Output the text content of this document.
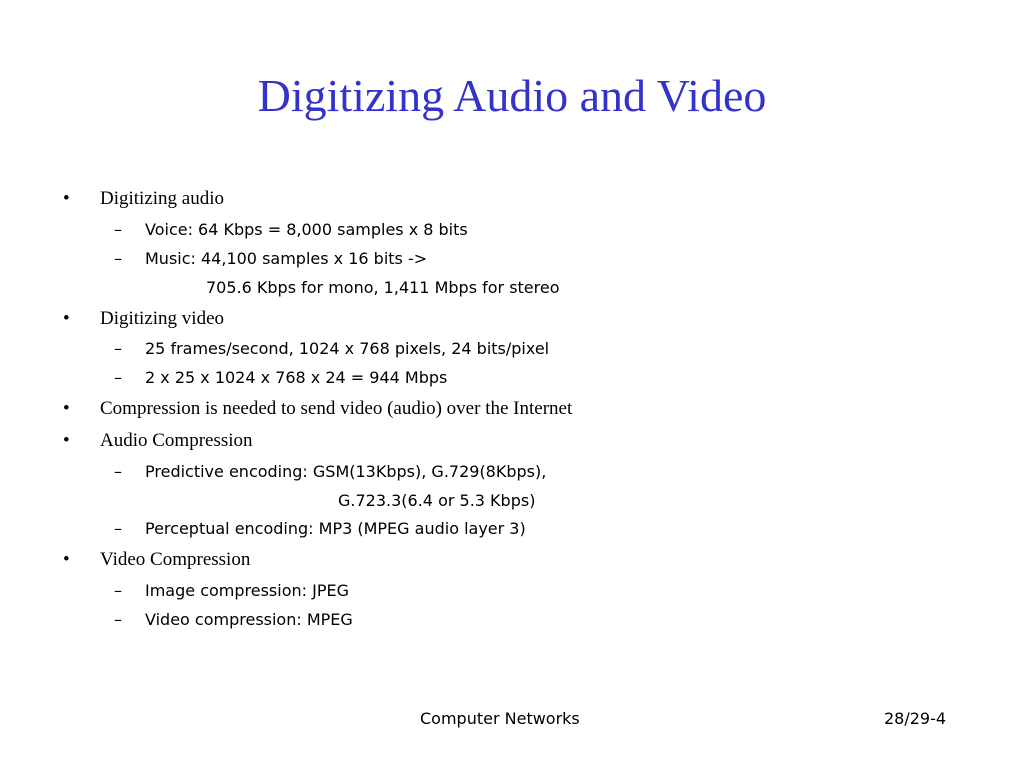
Digitizing Audio and Video
• Digitizing audio
– Voice: 64 Kbps = 8,000 samples x 8 bits
– Music: 44,100 samples x 16 bits ->
705.6 Kbps for mono, 1,411 Mbps for stereo
• Digitizing video
– 25 frames/second, 1024 x 768 pixels, 24 bits/pixel
– 2 x 25 x 1024 x 768 x 24 = 944 Mbps
• Compression is needed to send video (audio) over the Internet
• Audio Compression
– Predictive encoding: GSM(13Kbps), G.729(8Kbps),
G.723.3(6.4 or 5.3 Kbps)
– Perceptual encoding: MP3 (MPEG audio layer 3)
• Video Compression
– Image compression: JPEG
– Video compression: MPEG
Computer Networks	28/29-4
